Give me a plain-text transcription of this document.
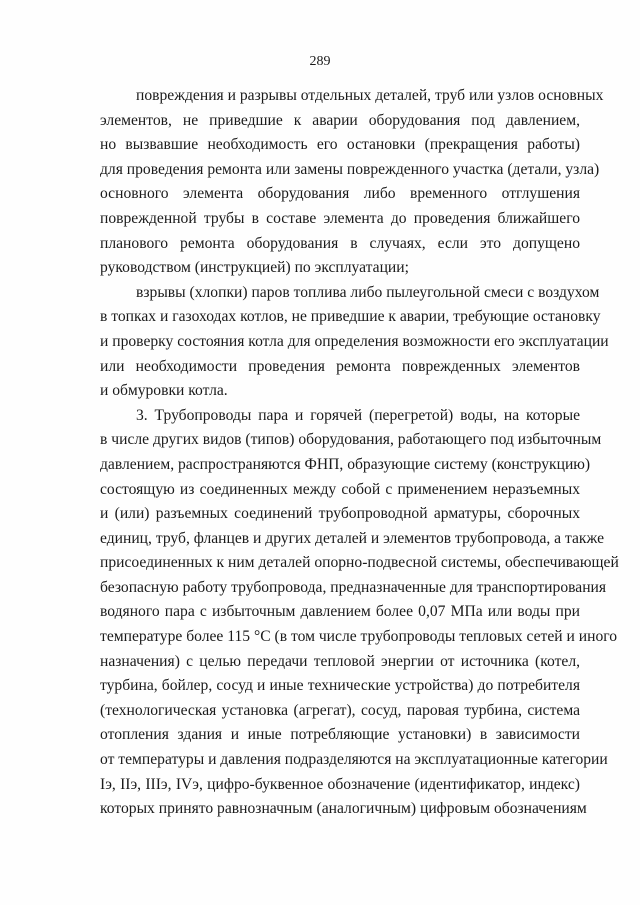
289
повреждения и разрывы отдельных деталей, труб или узлов основных
элементов, не приведшие к аварии оборудования под давлением,
но вызвавшие необходимость его остановки (прекращения работы)
для проведения ремонта или замены поврежденного участка (детали, узла)
основного элемента оборудования либо временного отглушения
поврежденной трубы в составе элемента до проведения ближайшего
планового ремонта оборудования в случаях, если это допущено
руководством (инструкцией) по эксплуатации;
взрывы (хлопки) паров топлива либо пылеугольной смеси с воздухом
в топках и газоходах котлов, не приведшие к аварии, требующие остановку
и проверку состояния котла для определения возможности его эксплуатации
или необходимости проведения ремонта поврежденных элементов
и обмуровки котла.
3. Трубопроводы пара и горячей (перегретой) воды, на которые
в числе других видов (типов) оборудования, работающего под избыточным
давлением, распространяются ФНП, образующие систему (конструкцию)
состоящую из соединенных между собой с применением неразъемных
и (или) разъемных соединений трубопроводной арматуры, сборочных
единиц, труб, фланцев и других деталей и элементов трубопровода, а также
присоединенных к ним деталей опорно-подвесной системы, обеспечивающей
безопасную работу трубопровода, предназначенные для транспортирования
водяного пара с избыточным давлением более 0,07 МПа или воды при
температуре более 115 °С (в том числе трубопроводы тепловых сетей и иного
назначения) с целью передачи тепловой энергии от источника (котел,
турбина, бойлер, сосуд и иные технические устройства) до потребителя
(технологическая установка (агрегат), сосуд, паровая турбина, система
отопления здания и иные потребляющие установки) в зависимости
от температуры и давления подразделяются на эксплуатационные категории
Iэ, IIэ, IIIэ, IVэ, цифро-буквенное обозначение (идентификатор, индекс)
которых принято равнозначным (аналогичным) цифровым обозначениям
